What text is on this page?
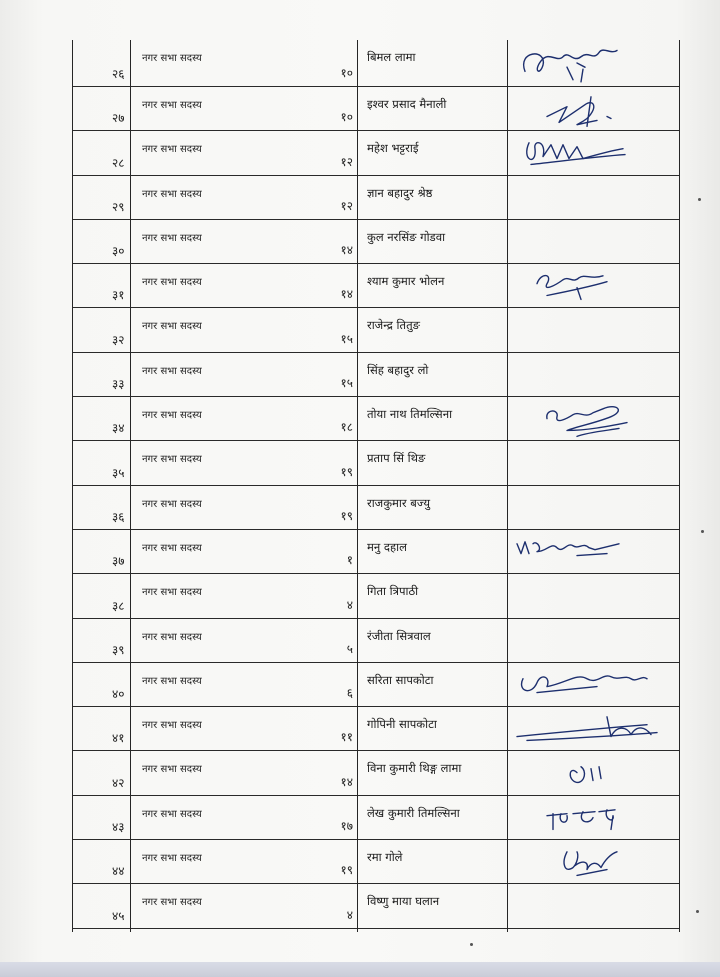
२६	नगर सभा सदस्य	१०	बिमल लामा

२७	नगर सभा सदस्य	१०	इश्वर प्रसाद मैनाली

२८	नगर सभा सदस्य	१२	महेश भट्टराई

२९	नगर सभा सदस्य	१२	ज्ञान बहादुर श्रेष्ठ	

३०	नगर सभा सदस्य	१४	कुल नरसिंङ गोडवा	

३१	नगर सभा सदस्य	१४	श्याम कुमार भोलन

३२	नगर सभा सदस्य	१५	राजेन्द्र तितुङ	

३३	नगर सभा सदस्य	१५	सिंह बहादुर लो	

३४	नगर सभा सदस्य	१८	तोया नाथ तिमल्सिना

३५	नगर सभा सदस्य	१९	प्रताप सिं थिङ	

३६	नगर सभा सदस्य	१९	राजकुमार बज्यु	

३७	नगर सभा सदस्य	१	मनु दहाल

३८	नगर सभा सदस्य	४	गिता त्रिपाठी	

३९	नगर सभा सदस्य	५	रंजीता सित्रवाल	

४०	नगर सभा सदस्य	६	सरिता सापकोटा

४१	नगर सभा सदस्य	११	गोपिनी सापकोटा

४२	नगर सभा सदस्य	१४	विना कुमारी थिङ्ग लामा

४३	नगर सभा सदस्य	१७	लेख कुमारी तिमल्सिना

४४	नगर सभा सदस्य	१९	रमा गोले

४५	नगर सभा सदस्य	४	विष्णु माया घलान	
